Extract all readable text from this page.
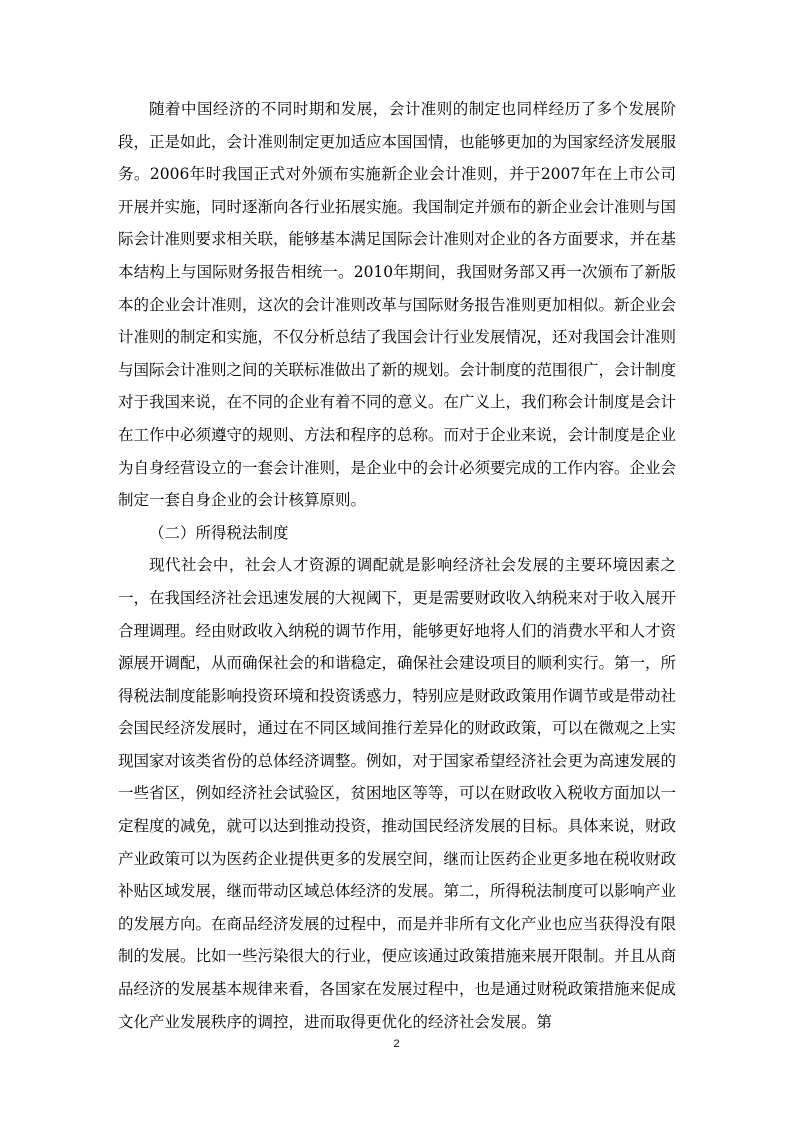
随着中国经济的不同时期和发展，会计准则的制定也同样经历了多个发展阶段，正是如此，会计准则制定更加适应本国国情，也能够更加的为国家经济发展服务。2006年时我国正式对外颁布实施新企业会计准则，并于2007年在上市公司开展并实施，同时逐渐向各行业拓展实施。我国制定并颁布的新企业会计准则与国际会计准则要求相关联，能够基本满足国际会计准则对企业的各方面要求，并在基本结构上与国际财务报告相统一。2010年期间，我国财务部又再一次颁布了新版本的企业会计准则，这次的会计准则改革与国际财务报告准则更加相似。新企业会计准则的制定和实施，不仅分析总结了我国会计行业发展情况，还对我国会计准则与国际会计准则之间的关联标准做出了新的规划。会计制度的范围很广，会计制度对于我国来说，在不同的企业有着不同的意义。在广义上，我们称会计制度是会计在工作中必须遵守的规则、方法和程序的总称。而对于企业来说，会计制度是企业为自身经营设立的一套会计准则，是企业中的会计必须要完成的工作内容。企业会制定一套自身企业的会计核算原则。

（二）所得税法制度

现代社会中，社会人才资源的调配就是影响经济社会发展的主要环境因素之一，在我国经济社会迅速发展的大视阈下，更是需要财政收入纳税来对于收入展开合理调理。经由财政收入纳税的调节作用，能够更好地将人们的消费水平和人才资源展开调配，从而确保社会的和谐稳定，确保社会建设项目的顺利实行。第一，所得税法制度能影响投资环境和投资诱惑力，特别应是财政政策用作调节或是带动社会国民经济发展时，通过在不同区域间推行差异化的财政政策，可以在微观之上实现国家对该类省份的总体经济调整。例如，对于国家希望经济社会更为高速发展的一些省区，例如经济社会试验区，贫困地区等等，可以在财政收入税收方面加以一定程度的减免，就可以达到推动投资，推动国民经济发展的目标。具体来说，财政产业政策可以为医药企业提供更多的发展空间，继而让医药企业更多地在税收财政补贴区域发展，继而带动区域总体经济的发展。第二，所得税法制度可以影响产业的发展方向。在商品经济发展的过程中，而是并非所有文化产业也应当获得没有限制的发展。比如一些污染很大的行业，便应该通过政策措施来展开限制。并且从商品经济的发展基本规律来看，各国家在发展过程中，也是通过财税政策措施来促成文化产业发展秩序的调控，进而取得更优化的经济社会发展。第

2
